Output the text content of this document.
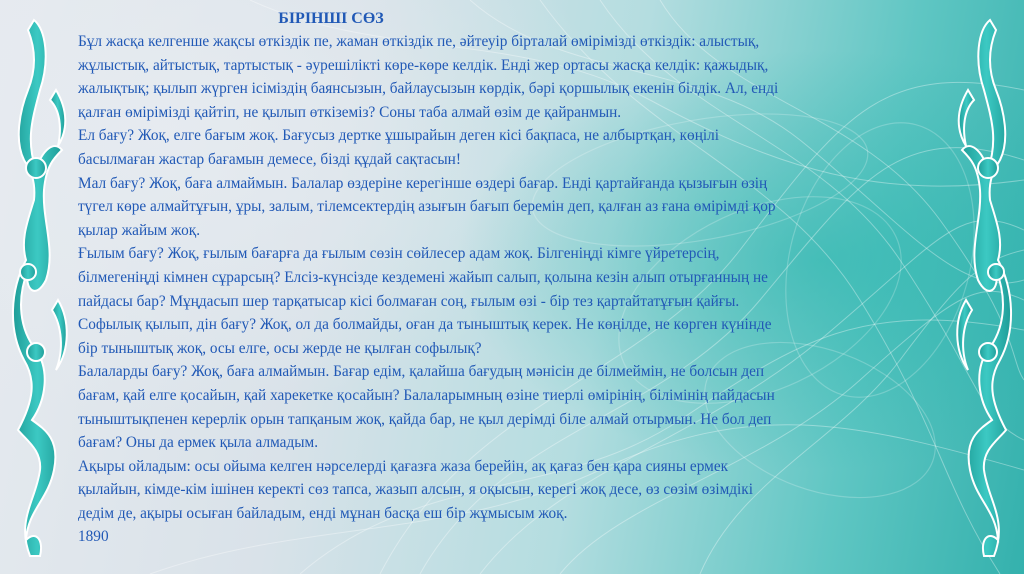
БІРІНШІ СӨЗ

Бұл жасқа келгенше жақсы өткіздік пе, жаман өткіздік пе, әйтеуір бірталай өмірімізді өткіздік: алыстық,
жұлыстық, айтыстық, тартыстық - әурешілікті көре-көре келдік. Енді жер ортасы жасқа келдік: қажыдық,
жалықтық; қылып жүрген ісіміздің баянсызын, байлаусызын көрдік, бәрі қоршылық екенін білдік. Ал, енді
қалған өмірімізді қайтіп, не қылып өткіземіз? Соны таба алмай өзім де қайранмын.

Ел бағу? Жоқ, елге бағым жоқ. Бағусыз дертке ұшырайын деген кісі бақпаса, не албыртқан, көңілі
басылмаған жастар бағамын демесе, бізді құдай сақтасын!

Мал бағу? Жоқ, баға алмаймын. Балалар өздеріне керегінше өздері бағар. Енді қартайғанда қызығын өзің
түгел көре алмайтұғын, ұры, залым, тілемсектердің азығын бағып беремін деп, қалған аз ғана өмірімді қор
қылар жайым жоқ.

Ғылым бағу? Жоқ, ғылым бағарға да ғылым сөзін сөйлесер адам жоқ. Білгеніңді кімге үйретерсің,
білмегеніңді кімнен сұрарсың? Елсіз-күнсізде кездемені жайып салып, қолына кезін алып отырғанның не
пайдасы бар? Мұңдасып шер тарқатысар кісі болмаған соң, ғылым өзі - бір тез қартайтатұғын қайғы.

Софылық қылып, дін бағу? Жоқ, ол да болмайды, оған да тыныштық керек. Не көңілде, не көрген күнінде
бір тыныштық жоқ, осы елге, осы жерде не қылған софылық?

Балаларды бағу? Жоқ, баға алмаймын. Бағар едім, қалайша бағудың мәнісін де білмеймін, не болсын деп
бағам, қай елге қосайын, қай харекетке қосайын? Балаларымның өзіне тиерлі өмірінің, білімінің пайдасын
тыныштықпенен керерлік орын тапқаным жоқ, қайда бар, не қыл дерімді біле алмай отырмын. Не бол деп
бағам? Оны да ермек қыла алмадым.

Ақыры ойладым: осы ойыма келген нәрселерді қағазға жаза берейін, ақ қағаз бен қара сияны ермек
қылайын, кімде-кім ішінен керекті сөз тапса, жазып алсын, я оқысын, керегі жоқ десе, өз сөзім өзімдікі
дедім де, ақыры осыған байладым, енді мұнан басқа еш бір жұмысым жоқ.

1890
